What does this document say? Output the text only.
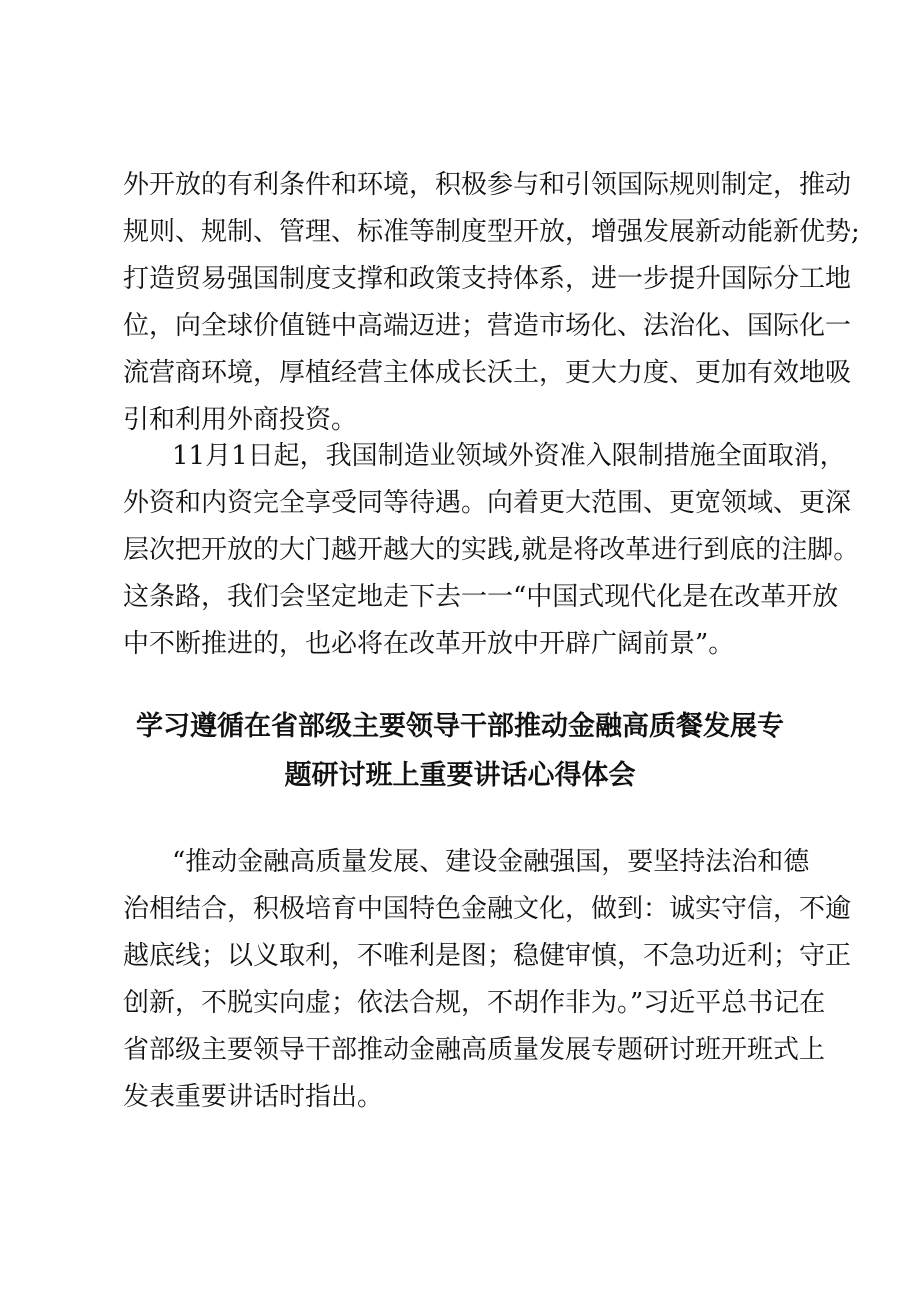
外开放的有利条件和环境，积极参与和引领国际规则制定，推动
规则、规制、管理、标准等制度型开放，增强发展新动能新优势;
打造贸易强国制度支撑和政策支持体系，进一步提升国际分工地
位，向全球价值链中高端迈进；营造市场化、法治化、国际化一
流营商环境，厚植经营主体成长沃土，更大力度、更加有效地吸
引和利用外商投资。
11月1日起，我国制造业领域外资准入限制措施全面取消，
外资和内资完全享受同等待遇。向着更大范围、更宽领域、更深
层次把开放的大门越开越大的实践,就是将改革进行到底的注脚。
这条路，我们会坚定地走下去一一“中国式现代化是在改革开放
中不断推进的，也必将在改革开放中开辟广阔前景”。
学习遵循在省部级主要领导干部推动金融高质餐发展专
题研讨班上重要讲话心得体会
“推动金融高质量发展、建设金融强国，要坚持法治和德
治相结合，积极培育中国特色金融文化，做到：诚实守信，不逾
越底线；以义取利，不唯利是图；稳健审慎，不急功近利；守正
创新，不脱实向虚；依法合规，不胡作非为。”习近平总书记在
省部级主要领导干部推动金融高质量发展专题研讨班开班式上
发表重要讲话时指出。
